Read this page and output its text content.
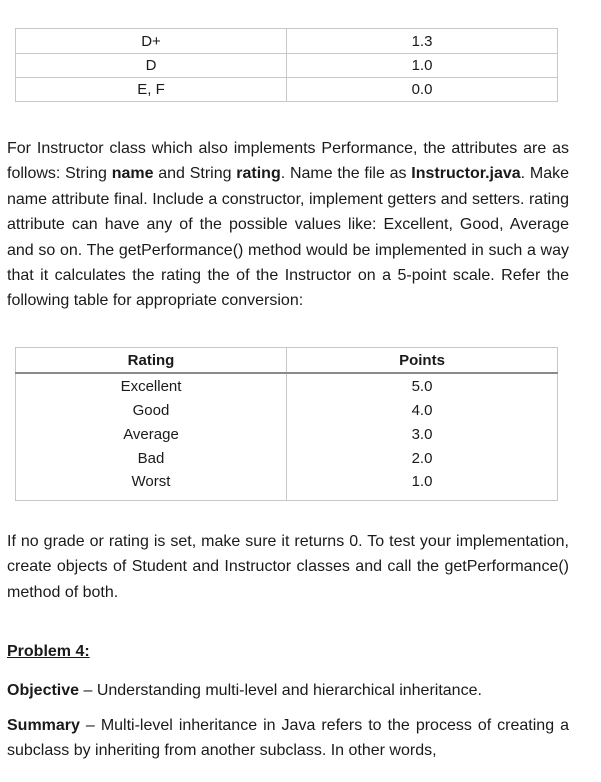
D+	1.3
D	1.0
E, F	0.0

For Instructor class which also implements Performance, the attributes are as follows: String name and String rating. Name the file as Instructor.java. Make name attribute final. Include a constructor, implement getters and setters. rating attribute can have any of the possible values like: Excellent, Good, Average and so on. The getPerformance() method would be implemented in such a way that it calculates the rating the of the Instructor on a 5-point scale. Refer the following table for appropriate conversion:

Rating	Points
Excellent	5.0
Good	4.0
Average	3.0
Bad	2.0
Worst	1.0

If no grade or rating is set, make sure it returns 0. To test your implementation, create objects of Student and Instructor classes and call the getPerformance() method of both.

Problem 4:

Objective – Understanding multi-level and hierarchical inheritance.

Summary – Multi-level inheritance in Java refers to the process of creating a subclass by inheriting from another subclass. In other words,
